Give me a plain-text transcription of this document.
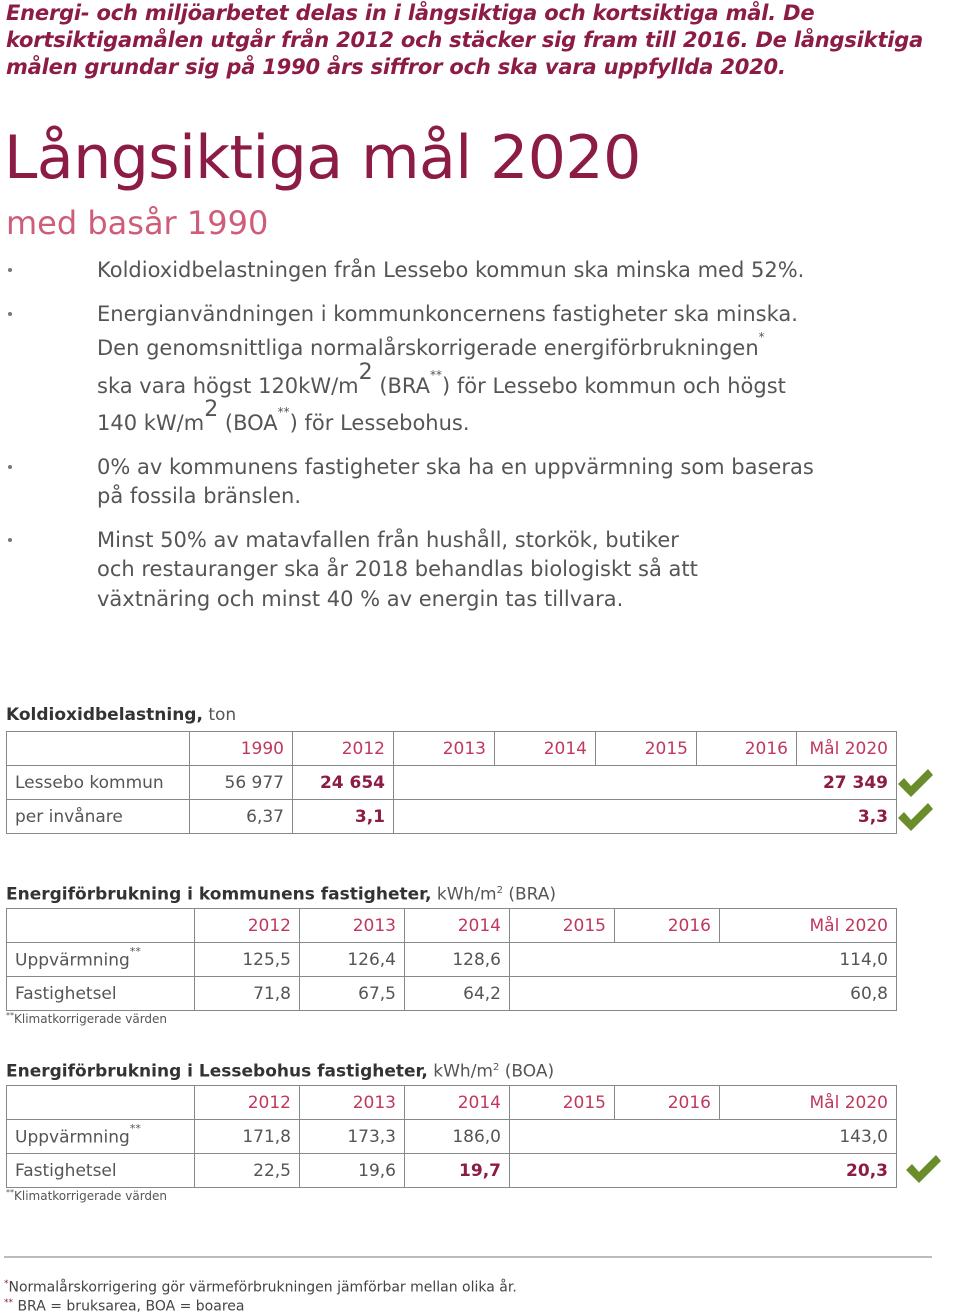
Energi- och miljöarbetet delas in i långsiktiga och kortsiktiga mål. De kortsiktigamålen utgår från 2012 och stäcker sig fram till 2016. De långsiktiga målen grundar sig på 1990 års siffror och ska vara uppfyllda 2020.
Långsiktiga mål 2020
med basår 1990
Koldioxidbelastningen från Lessebo kommun ska minska med 52%.
Energianvändningen i kommunkoncernens fastigheter ska minska.
Den genomsnittliga normalårskorrigerade energiförbrukningen*
ska vara högst $120kW/m^2$ (BRA**) för Lessebo kommun och högst
140 $kW/m^2$ (BOA**) för Lessebohus.
0% av kommunens fastigheter ska ha en uppvärmning som baseras på fossila bränslen.
Minst 50% av matavfallen från hushåll, storkök, butiker och restauranger ska år 2018 behandlas biologiskt så att växtnäring och minst 40 % av energin tas tillvara.
Koldioxidbelastning, ton
	1990	2012	2013	2014	2015	2016	Mål 2020
Lessebo kommun	56 977	24 654					27 349
per invånare	6,37	3,1					3,3
Energiförbrukning i kommunens fastigheter, kWh/$m^2$ (BRA)
	2012	2013	2014	2015	2016	Mål 2020
Uppvärmning**	125,5	126,4	128,6			114,0
Fastighetsel	71,8	67,5	64,2			60,8
**Klimatkorrigerade värden
Energiförbrukning i Lessebohus fastigheter, kWh/$m^2$ (BOA)
	2012	2013	2014	2015	2016	Mål 2020
Uppvärmning**	171,8	173,3	186,0			143,0
Fastighetsel	22,5	19,6	19,7			20,3
**Klimatkorrigerade värden
*Normalårskorrigering gör värmeförbrukningen jämförbar mellan olika år.
** BRA = bruksarea, BOA = boarea
